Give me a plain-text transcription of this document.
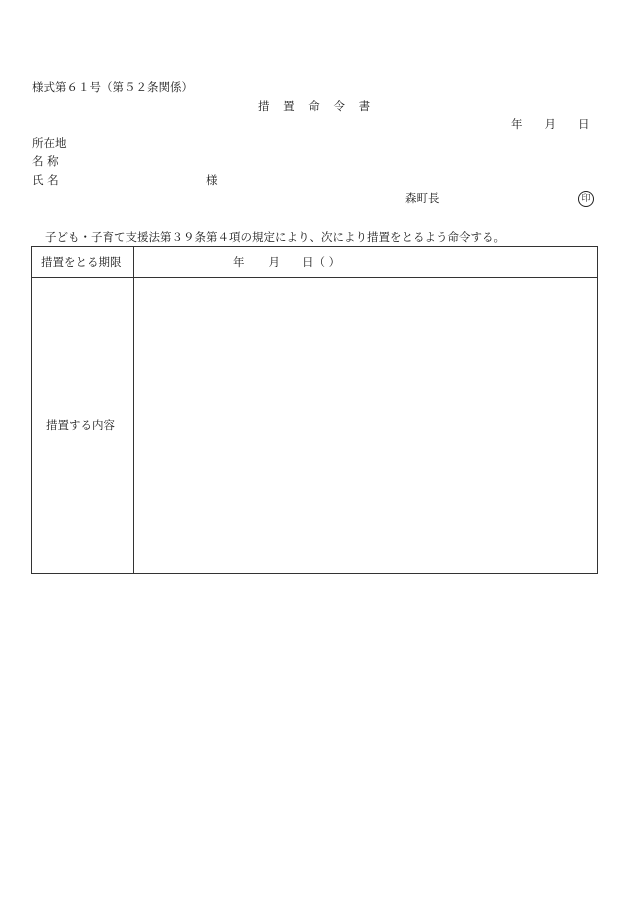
様式第６１号（第５２条関係）
措 置 命 令 書
年 月 日
所在地
名 称
氏 名	様
森町長	印
子ども・子育て支援法第３９条第４項の規定により、次により措置をとるよう命令する。
措置をとる期限	年 月 日（ ）
措置する内容
